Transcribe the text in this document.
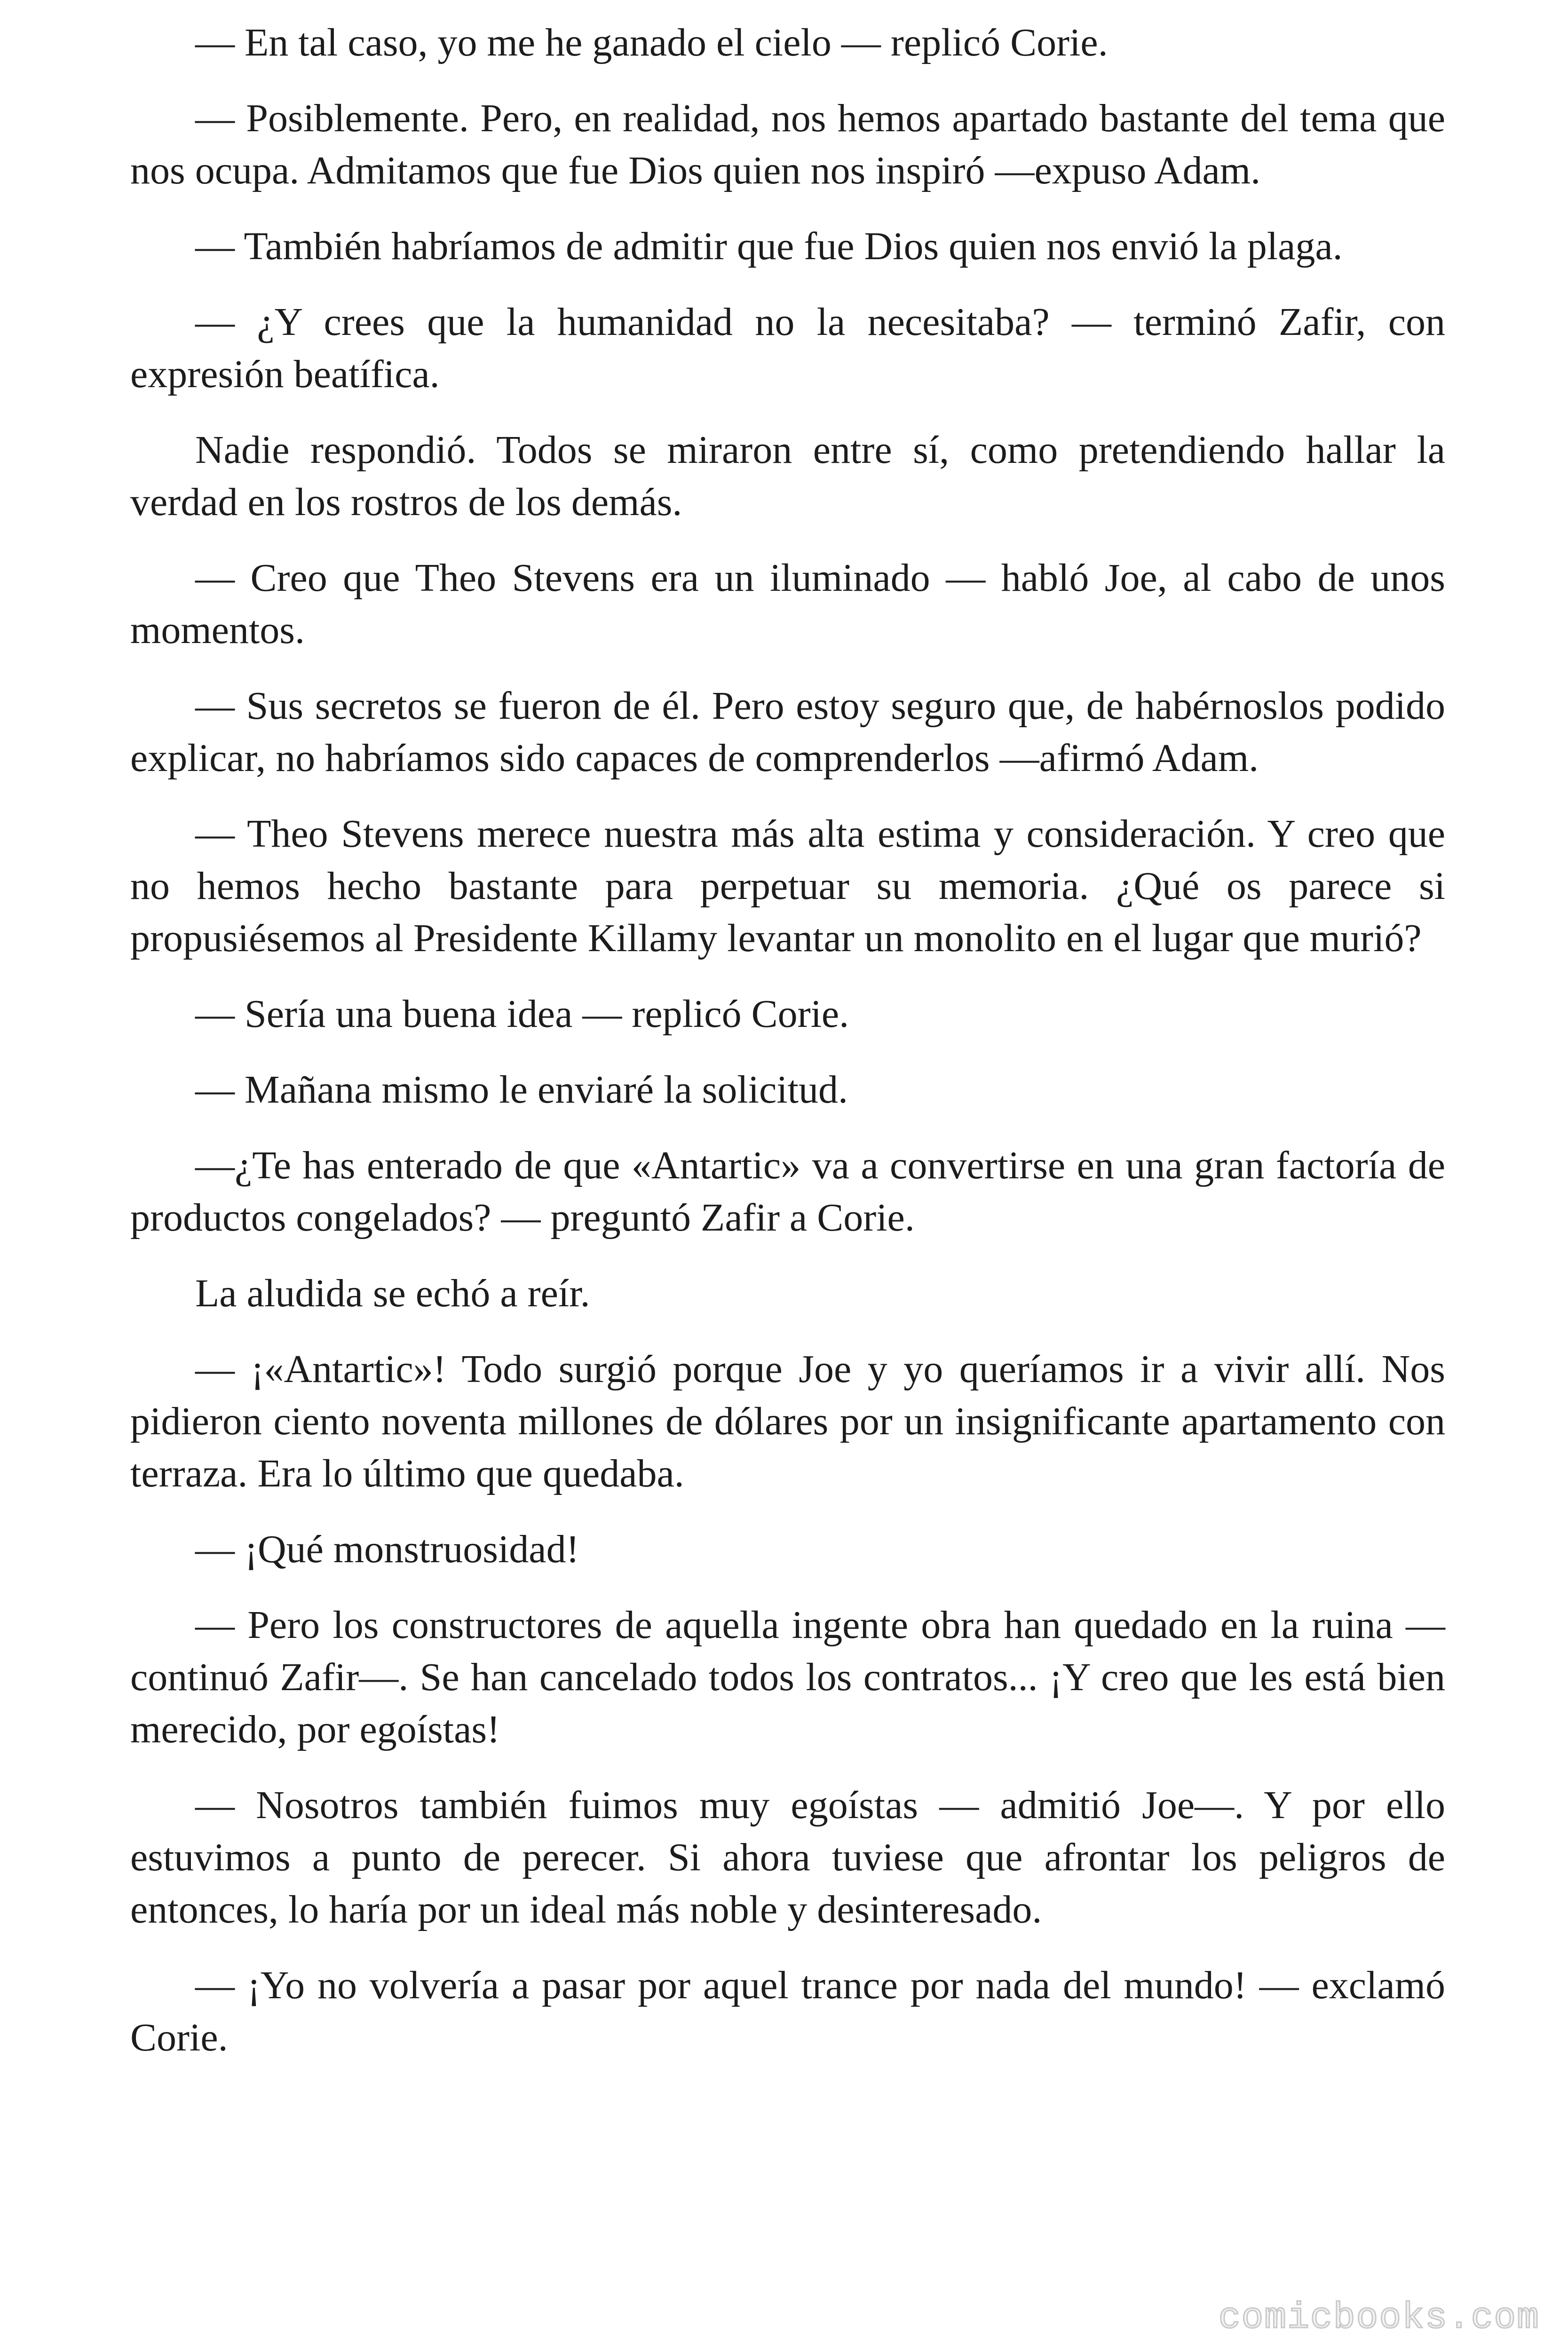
— En tal caso, yo me he ganado el cielo — replicó Corie.

— Posiblemente. Pero, en realidad, nos hemos apartado bastante del tema que nos ocupa. Admitamos que fue Dios quien nos inspiró —expuso Adam.

— También habríamos de admitir que fue Dios quien nos envió la plaga.

— ¿Y crees que la humanidad no la necesitaba? — terminó Zafir, con expresión beatífica.

Nadie respondió. Todos se miraron entre sí, como pretendiendo hallar la verdad en los rostros de los demás.

— Creo que Theo Stevens era un iluminado — habló Joe, al cabo de unos momentos.

— Sus secretos se fueron de él. Pero estoy seguro que, de habérnoslos podido explicar, no habríamos sido capaces de comprenderlos —afirmó Adam.

— Theo Stevens merece nuestra más alta estima y consideración. Y creo que no hemos hecho bastante para perpetuar su memoria. ¿Qué os parece si propusiésemos al Presidente Killamy levantar un monolito en el lugar que murió?

— Sería una buena idea — replicó Corie.

— Mañana mismo le enviaré la solicitud.

—¿Te has enterado de que «Antartic» va a convertirse en una gran factoría de productos congelados? — preguntó Zafir a Corie.

La aludida se echó a reír.

— ¡«Antartic»! Todo surgió porque Joe y yo queríamos ir a vivir allí. Nos pidieron ciento noventa millones de dólares por un insignificante apartamento con terraza. Era lo último que quedaba.

— ¡Qué monstruosidad!

— Pero los constructores de aquella ingente obra han quedado en la ruina —continuó Zafir—. Se han cancelado todos los contratos... ¡Y creo que les está bien merecido, por egoístas!

— Nosotros también fuimos muy egoístas — admitió Joe—. Y por ello estuvimos a punto de perecer. Si ahora tuviese que afrontar los peligros de entonces, lo haría por un ideal más noble y desinteresado.

— ¡Yo no volvería a pasar por aquel trance por nada del mundo! — exclamó Corie.

comicbooks.com
